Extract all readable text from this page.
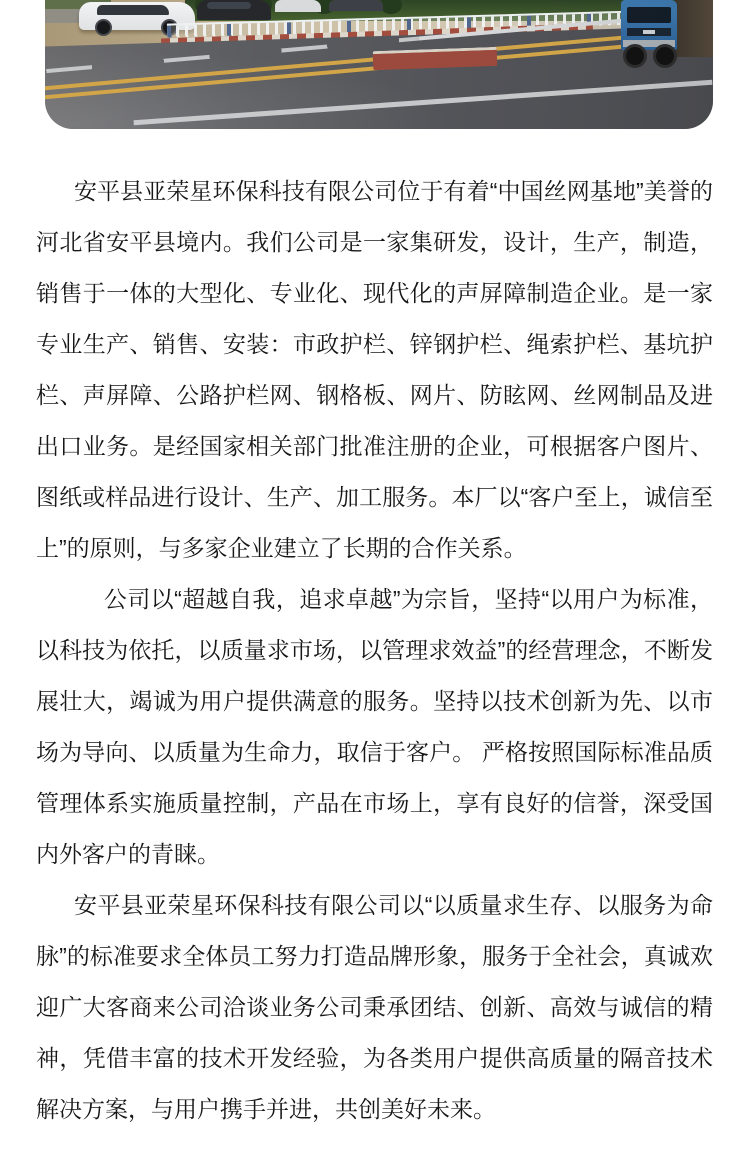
安平县亚荣星环保科技有限公司位于有着“中国丝网基地”美誉的河北省安平县境内。我们公司是一家集研发，设计，生产，制造，销售于一体的大型化、专业化、现代化的声屏障制造企业。是一家专业生产、销售、安装：市政护栏、锌钢护栏、绳索护栏、基坑护栏、声屏障、公路护栏网、钢格板、网片、防眩网、丝网制品及进出口业务。是经国家相关部门批准注册的企业，可根据客户图片、图纸或样品进行设计、生产、加工服务。本厂以“客户至上，诚信至上”的原则，与多家企业建立了长期的合作关系。

公司以“超越自我，追求卓越”为宗旨，坚持“以用户为标准，以科技为依托，以质量求市场，以管理求效益”的经营理念，不断发展壮大，竭诚为用户提供满意的服务。坚持以技术创新为先、以市场为导向、以质量为生命力，取信于客户。 严格按照国际标准品质管理体系实施质量控制，产品在市场上，享有良好的信誉，深受国内外客户的青睐。

安平县亚荣星环保科技有限公司以“以质量求生存、以服务为命脉”的标准要求全体员工努力打造品牌形象，服务于全社会，真诚欢迎广大客商来公司洽谈业务公司秉承团结、创新、高效与诚信的精神，凭借丰富的技术开发经验，为各类用户提供高质量的隔音技术解决方案，与用户携手并进，共创美好未来。
